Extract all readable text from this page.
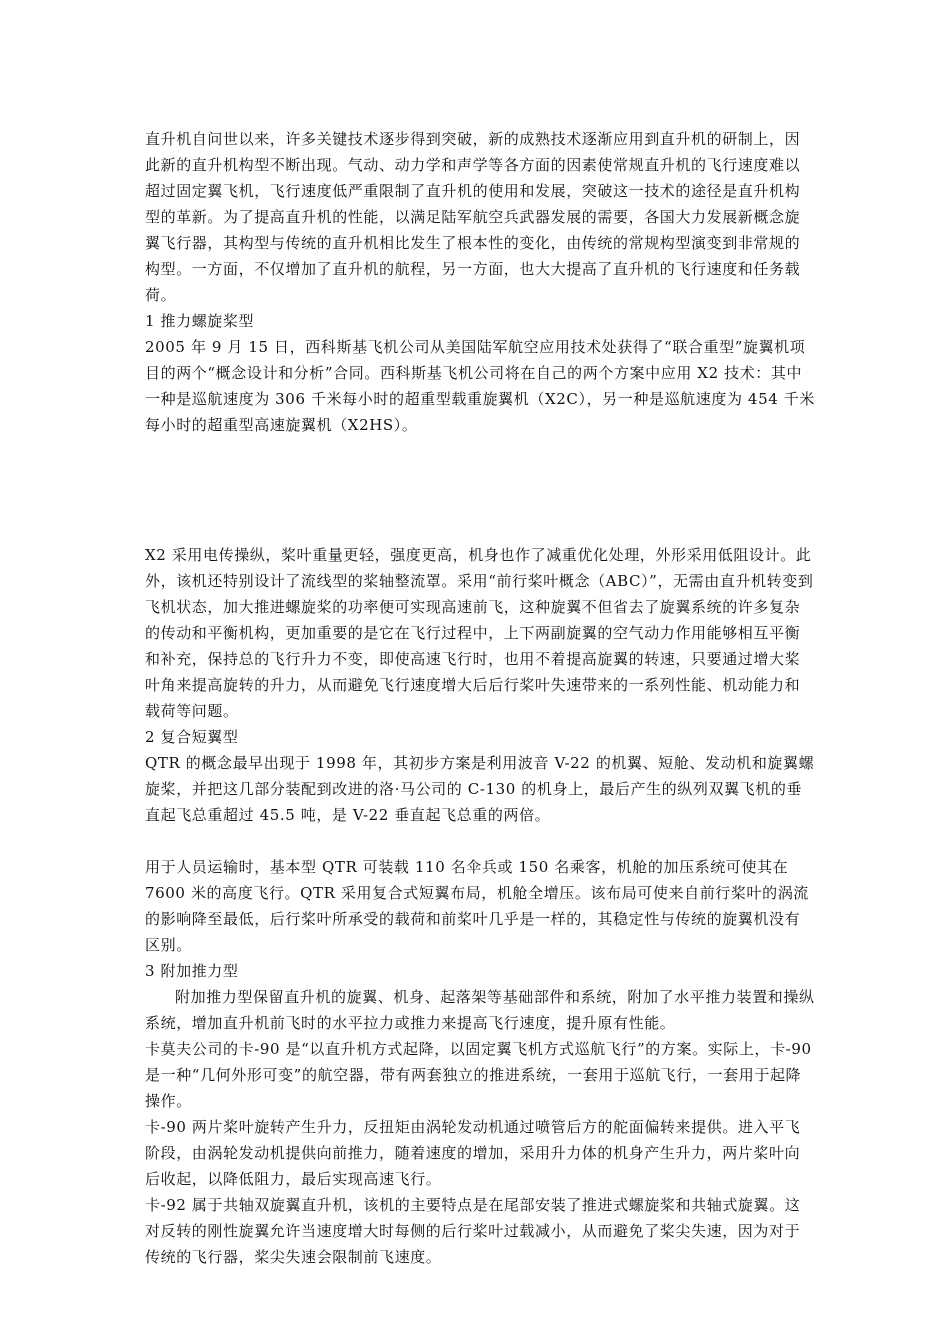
直升机自问世以来，许多关键技术逐步得到突破，新的成熟技术逐渐应用到直升机的研制上，因此新的直升机构型不断出现。气动、动力学和声学等各方面的因素使常规直升机的飞行速度难以超过固定翼飞机，飞行速度低严重限制了直升机的使用和发展，突破这一技术的途径是直升机构型的革新。为了提高直升机的性能，以满足陆军航空兵武器发展的需要，各国大力发展新概念旋翼飞行器，其构型与传统的直升机相比发生了根本性的变化，由传统的常规构型演变到非常规的构型。一方面，不仅增加了直升机的航程，另一方面，也大大提高了直升机的飞行速度和任务载荷。

1 推力螺旋桨型

2005 年 9 月 15 日，西科斯基飞机公司从美国陆军航空应用技术处获得了“联合重型”旋翼机项目的两个“概念设计和分析”合同。西科斯基飞机公司将在自己的两个方案中应用 X2 技术：其中一种是巡航速度为 306 千米每小时的超重型载重旋翼机（X2C），另一种是巡航速度为 454 千米每小时的超重型高速旋翼机（X2HS）。

X2 采用电传操纵，桨叶重量更轻，强度更高，机身也作了减重优化处理，外形采用低阻设计。此外，该机还特别设计了流线型的桨轴整流罩。采用“前行桨叶概念（ABC）”，无需由直升机转变到飞机状态，加大推进螺旋桨的功率便可实现高速前飞，这种旋翼不但省去了旋翼系统的许多复杂的传动和平衡机构，更加重要的是它在飞行过程中，上下两副旋翼的空气动力作用能够相互平衡和补充，保持总的飞行升力不变，即使高速飞行时，也用不着提高旋翼的转速，只要通过增大桨叶角来提高旋转的升力，从而避免飞行速度增大后后行桨叶失速带来的一系列性能、机动能力和载荷等问题。

2 复合短翼型

QTR 的概念最早出现于 1998 年，其初步方案是利用波音 V-22 的机翼、短舱、发动机和旋翼螺旋桨，并把这几部分装配到改进的洛·马公司的 C-130 的机身上，最后产生的纵列双翼飞机的垂直起飞总重超过 45.5 吨，是 V-22 垂直起飞总重的两倍。

用于人员运输时，基本型 QTR 可装载 110 名伞兵或 150 名乘客，机舱的加压系统可使其在 7600 米的高度飞行。QTR 采用复合式短翼布局，机舱全增压。该布局可使来自前行桨叶的涡流的影响降至最低，后行桨叶所承受的载荷和前桨叶几乎是一样的，其稳定性与传统的旋翼机没有区别。

3 附加推力型

附加推力型保留直升机的旋翼、机身、起落架等基础部件和系统，附加了水平推力装置和操纵系统，增加直升机前飞时的水平拉力或推力来提高飞行速度，提升原有性能。

卡莫夫公司的卡-90 是“以直升机方式起降，以固定翼飞机方式巡航飞行”的方案。实际上，卡-90 是一种“几何外形可变”的航空器，带有两套独立的推进系统，一套用于巡航飞行，一套用于起降操作。

卡-90 两片桨叶旋转产生升力，反扭矩由涡轮发动机通过喷管后方的舵面偏转来提供。进入平飞阶段，由涡轮发动机提供向前推力，随着速度的增加，采用升力体的机身产生升力，两片桨叶向后收起，以降低阻力，最后实现高速飞行。

卡-92 属于共轴双旋翼直升机，该机的主要特点是在尾部安装了推进式螺旋桨和共轴式旋翼。这对反转的刚性旋翼允许当速度增大时每侧的后行桨叶过载减小，从而避免了桨尖失速，因为对于传统的飞行器，桨尖失速会限制前飞速度。
